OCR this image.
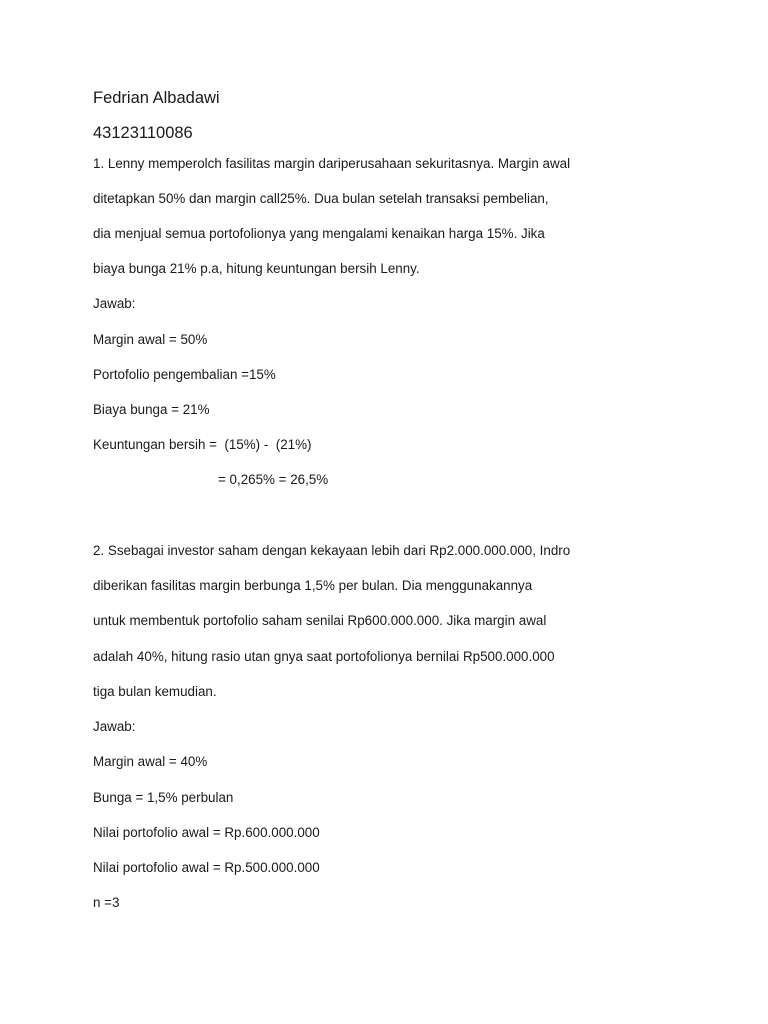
Fedrian Albadawi
43123110086
1. Lenny memperolch fasilitas margin dariperusahaan sekuritasnya. Margin awal
ditetapkan 50% dan margin call25%. Dua bulan setelah transaksi pembelian,
dia menjual semua portofolionya yang mengalami kenaikan harga 15%. Jika
biaya bunga 21% p.a, hitung keuntungan bersih Lenny.
Jawab:
Margin awal = 50%
Portofolio pengembalian =15%
Biaya bunga = 21%
Keuntungan bersih =  (15%) -  (21%)
= 0,265% = 26,5%
2. Ssebagai investor saham dengan kekayaan lebih dari Rp2.000.000.000, Indro
diberikan fasilitas margin berbunga 1,5% per bulan. Dia menggunakannya
untuk membentuk portofolio saham senilai Rp600.000.000. Jika margin awal
adalah 40%, hitung rasio utan gnya saat portofolionya bernilai Rp500.000.000
tiga bulan kemudian.
Jawab:
Margin awal = 40%
Bunga = 1,5% perbulan
Nilai portofolio awal = Rp.600.000.000
Nilai portofolio awal = Rp.500.000.000
n =3
